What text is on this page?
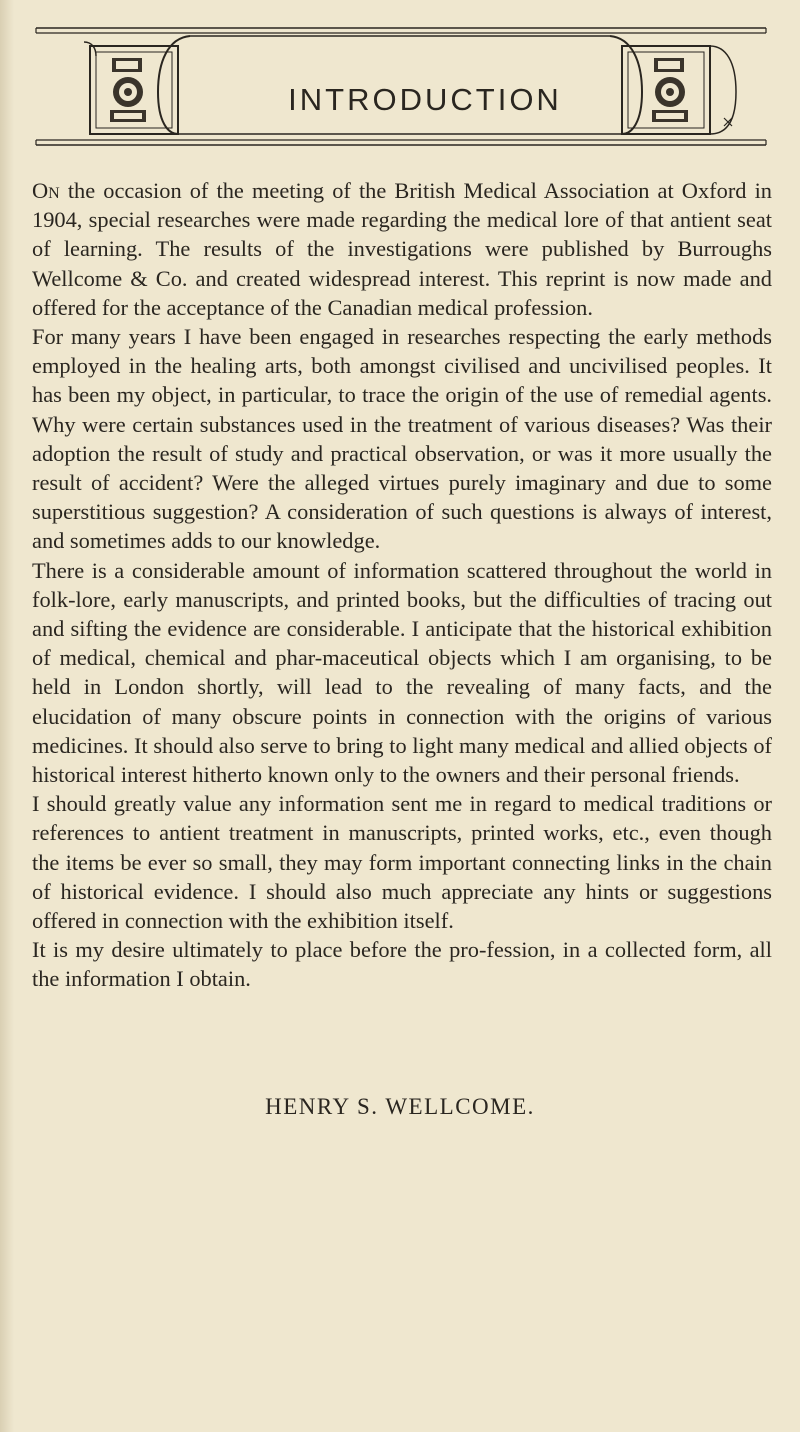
INTRODUCTION

On the occasion of the meeting of the British Medical Association at Oxford in 1904, special researches were made regarding the medical lore of that antient seat of learning. The results of the investigations were published by Burroughs Wellcome & Co. and created widespread interest. This reprint is now made and offered for the acceptance of the Canadian medical profession.

For many years I have been engaged in researches respecting the early methods employed in the healing arts, both amongst civilised and uncivilised peoples. It has been my object, in particular, to trace the origin of the use of remedial agents. Why were certain substances used in the treatment of various diseases? Was their adoption the result of study and practical observation, or was it more usually the result of accident? Were the alleged virtues purely imaginary and due to some superstitious suggestion? A consideration of such questions is always of interest, and sometimes adds to our knowledge.

There is a considerable amount of information scattered throughout the world in folk-lore, early manuscripts, and printed books, but the difficulties of tracing out and sifting the evidence are considerable. I anticipate that the historical exhibition of medical, chemical and phar-maceutical objects which I am organising, to be held in London shortly, will lead to the revealing of many facts, and the elucidation of many obscure points in connection with the origins of various medicines. It should also serve to bring to light many medical and allied objects of historical interest hitherto known only to the owners and their personal friends.

I should greatly value any information sent me in regard to medical traditions or references to antient treatment in manuscripts, printed works, etc., even though the items be ever so small, they may form important connecting links in the chain of historical evidence. I should also much appreciate any hints or suggestions offered in connection with the exhibition itself.

It is my desire ultimately to place before the pro-fession, in a collected form, all the information I obtain.

HENRY S. WELLCOME.
